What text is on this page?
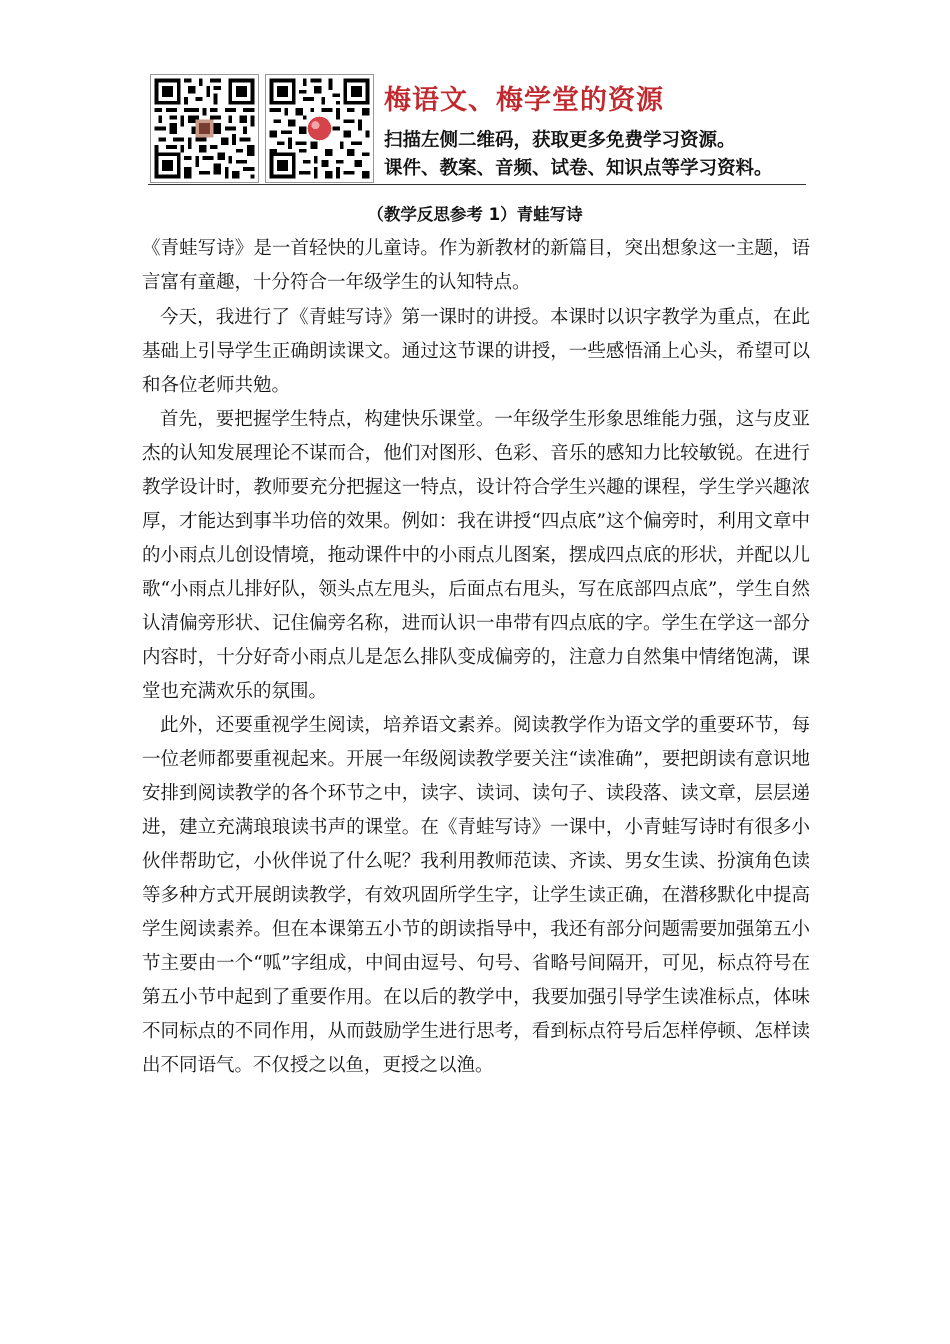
梅语文、梅学堂的资源
扫描左侧二维码，获取更多免费学习资源。
课件、教案、音频、试卷、知识点等学习资料。
（教学反思参考 1）青蛙写诗

《青蛙写诗》是一首轻快的儿童诗。作为新教材的新篇目，突出想象这一主题，语言富有童趣，十分符合一年级学生的认知特点。

今天，我进行了《青蛙写诗》第一课时的讲授。本课时以识字教学为重点，在此基础上引导学生正确朗读课文。通过这节课的讲授，一些感悟涌上心头，希望可以和各位老师共勉。

首先，要把握学生特点，构建快乐课堂。一年级学生形象思维能力强，这与皮亚杰的认知发展理论不谋而合，他们对图形、色彩、音乐的感知力比较敏锐。在进行教学设计时，教师要充分把握这一特点，设计符合学生兴趣的课程，学生学兴趣浓厚，才能达到事半功倍的效果。例如：我在讲授“四点底”这个偏旁时，利用文章中的小雨点儿创设情境，拖动课件中的小雨点儿图案，摆成四点底的形状，并配以儿歌“小雨点儿排好队，领头点左甩头，后面点右甩头，写在底部四点底”，学生自然认清偏旁形状、记住偏旁名称，进而认识一串带有四点底的字。学生在学这一部分内容时，十分好奇小雨点儿是怎么排队变成偏旁的，注意力自然集中情绪饱满，课堂也充满欢乐的氛围。

此外，还要重视学生阅读，培养语文素养。阅读教学作为语文学的重要环节，每一位老师都要重视起来。开展一年级阅读教学要关注“读准确”，要把朗读有意识地安排到阅读教学的各个环节之中，读字、读词、读句子、读段落、读文章，层层递进，建立充满琅琅读书声的课堂。在《青蛙写诗》一课中，小青蛙写诗时有很多小伙伴帮助它，小伙伴说了什么呢？我利用教师范读、齐读、男女生读、扮演角色读等多种方式开展朗读教学，有效巩固所学生字，让学生读正确，在潜移默化中提高学生阅读素养。但在本课第五小节的朗读指导中，我还有部分问题需要加强第五小节主要由一个“呱”字组成，中间由逗号、句号、省略号间隔开，可见，标点符号在第五小节中起到了重要作用。在以后的教学中，我要加强引导学生读准标点，体味不同标点的不同作用，从而鼓励学生进行思考，看到标点符号后怎样停顿、怎样读出不同语气。不仅授之以鱼，更授之以渔。
